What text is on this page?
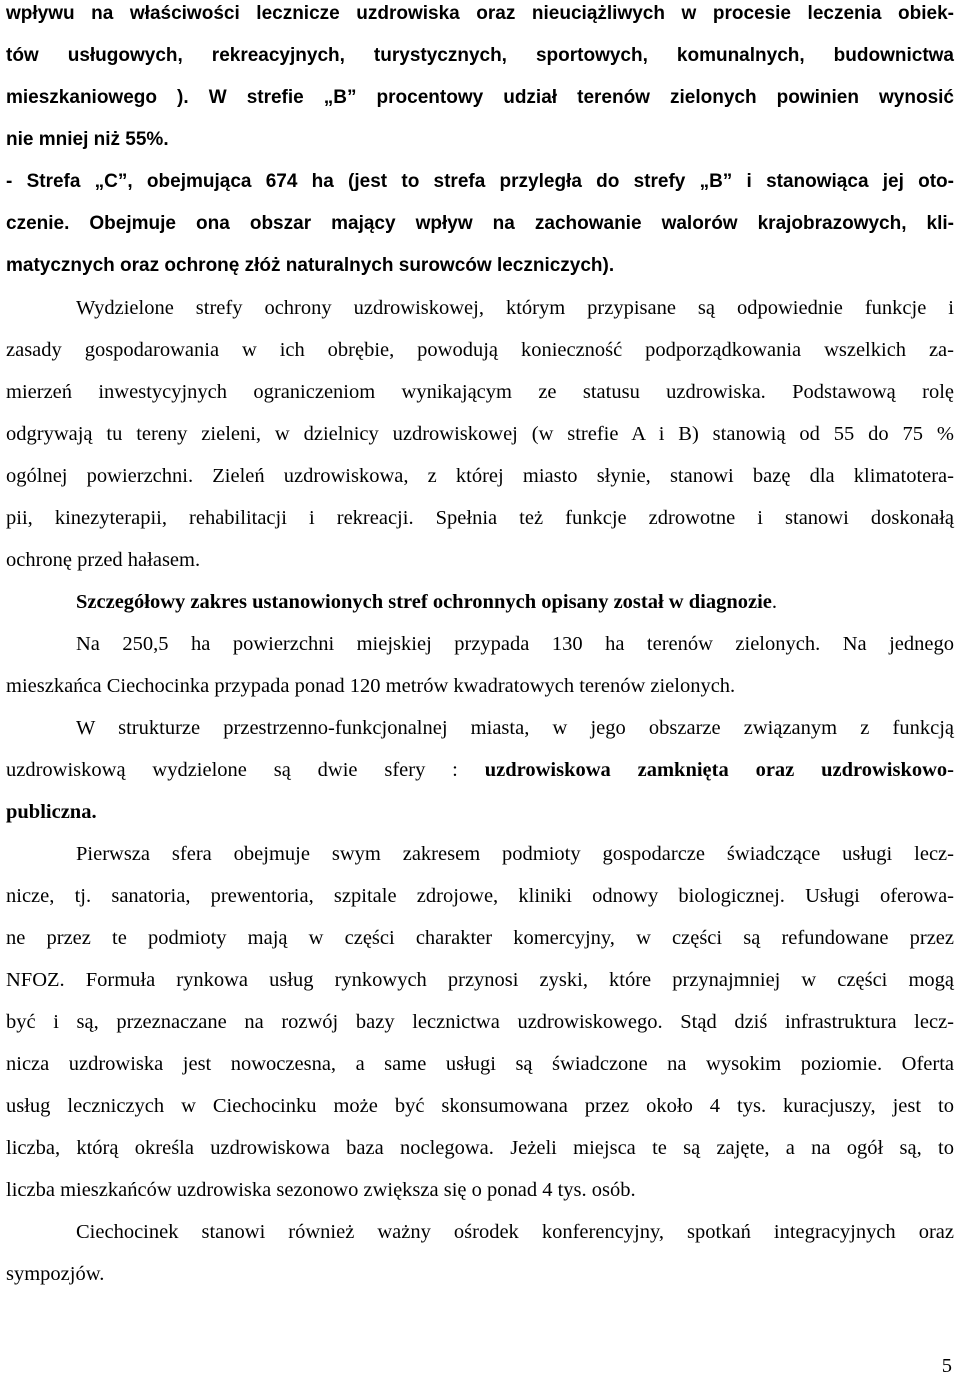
wpływu na właściwości lecznicze uzdrowiska oraz nieuciążliwych w procesie leczenia obiek-
tów usługowych, rekreacyjnych, turystycznych, sportowych, komunalnych, budownictwa
mieszkaniowego ). W strefie „B” procentowy udział terenów zielonych powinien wynosić
nie mniej niż 55%.
- Strefa „C”, obejmująca 674 ha (jest to strefa przyległa do strefy „B” i stanowiąca jej oto-
czenie. Obejmuje ona obszar mający wpływ na zachowanie walorów krajobrazowych, kli-
matycznych oraz ochronę złóż naturalnych surowców leczniczych).
Wydzielone strefy ochrony uzdrowiskowej, którym przypisane są odpowiednie funkcje i
zasady gospodarowania w ich obrębie, powodują konieczność podporządkowania wszelkich za-
mierzeń inwestycyjnych ograniczeniom wynikającym ze statusu uzdrowiska. Podstawową rolę
odgrywają tu tereny zieleni, w dzielnicy uzdrowiskowej (w strefie A i B) stanowią od 55 do 75 %
ogólnej powierzchni. Zieleń uzdrowiskowa, z której miasto słynie, stanowi bazę dla klimatotera-
pii, kinezyterapii, rehabilitacji i rekreacji. Spełnia też funkcje zdrowotne i stanowi doskonałą
ochronę przed hałasem.
Szczegółowy zakres ustanowionych stref ochronnych opisany został w diagnozie.
Na 250,5 ha powierzchni miejskiej przypada 130 ha terenów zielonych. Na jednego
mieszkańca Ciechocinka przypada ponad 120 metrów kwadratowych terenów zielonych.
W strukturze przestrzenno-funkcjonalnej miasta, w jego obszarze związanym z funkcją
uzdrowiskową wydzielone są dwie sfery : uzdrowiskowa zamknięta oraz uzdrowiskowo-
publiczna.
Pierwsza sfera obejmuje swym zakresem podmioty gospodarcze świadczące usługi lecz-
nicze, tj. sanatoria, prewentoria, szpitale zdrojowe, kliniki odnowy biologicznej. Usługi oferowa-
ne przez te podmioty mają w części charakter komercyjny, w części są refundowane przez
NFOZ. Formuła rynkowa usług rynkowych przynosi zyski, które przynajmniej w części mogą
być i są, przeznaczane na rozwój bazy lecznictwa uzdrowiskowego. Stąd dziś infrastruktura lecz-
nicza uzdrowiska jest nowoczesna, a same usługi są świadczone na wysokim poziomie. Oferta
usług leczniczych w Ciechocinku może być skonsumowana przez około 4 tys. kuracjuszy, jest to
liczba, którą określa uzdrowiskowa baza noclegowa. Jeżeli miejsca te są zajęte, a na ogół są, to
liczba mieszkańców uzdrowiska sezonowo zwiększa się o ponad 4 tys. osób.
Ciechocinek stanowi również ważny ośrodek konferencyjny, spotkań integracyjnych oraz
sympozjów.
5
